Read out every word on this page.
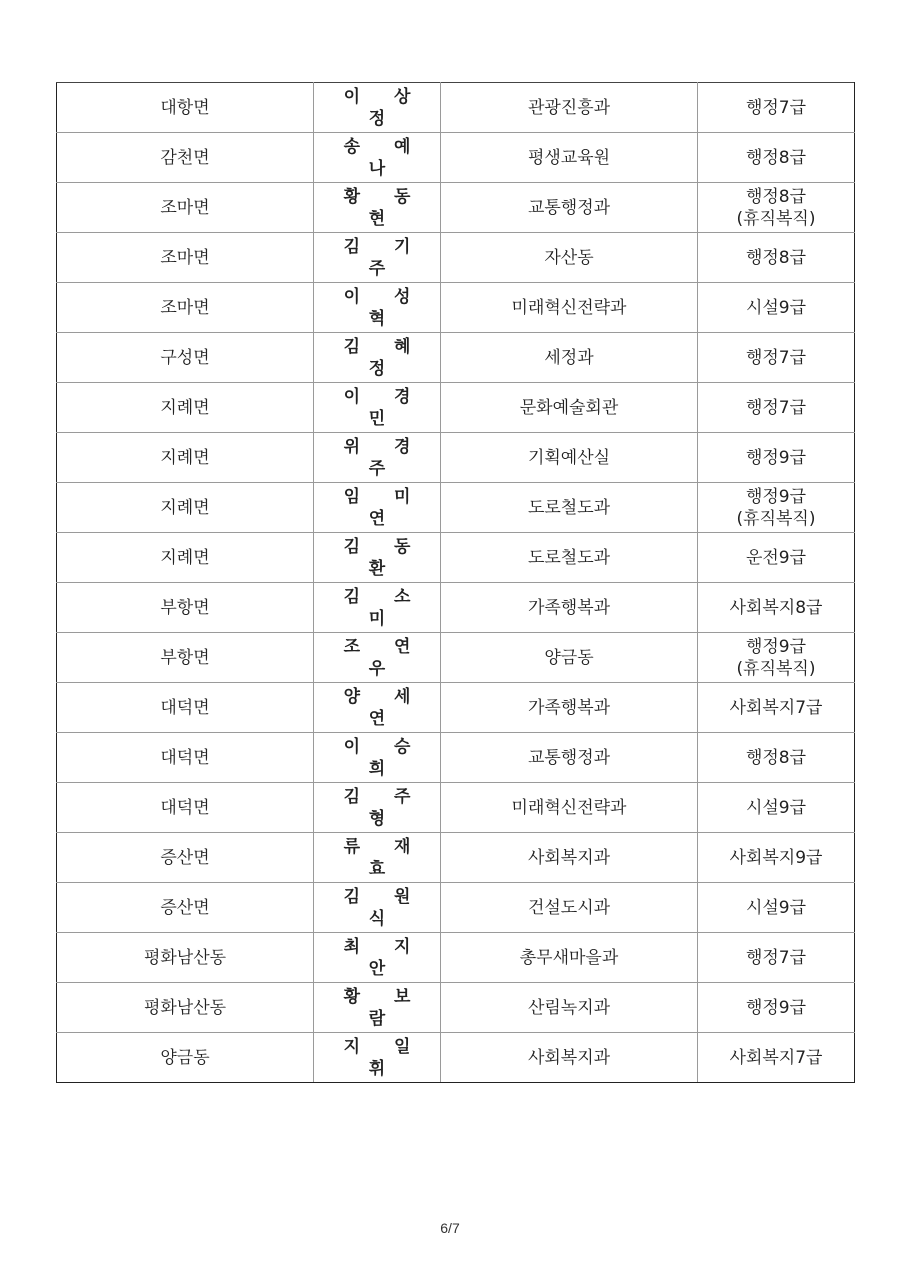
대항면	이 상 정	관광진흥과	행정7급
감천면	송 예 나	평생교육원	행정8급
조마면	황 동 현	교통행정과	행정8급
(휴직복직)

조마면	김 기 주	자산동	행정8급
조마면	이 성 혁	미래혁신전략과	시설9급
구성면	김 혜 정	세정과	행정7급
지례면	이 경 민	문화예술회관	행정7급
지례면	위 경 주	기획예산실	행정9급
지례면	임 미 연	도로철도과	행정9급
(휴직복직)

지례면	김 동 환	도로철도과	운전9급
부항면	김 소 미	가족행복과	사회복지8급
부항면	조 연 우	양금동	행정9급
(휴직복직)

대덕면	양 세 연	가족행복과	사회복지7급
대덕면	이 승 희	교통행정과	행정8급
대덕면	김 주 형	미래혁신전략과	시설9급
증산면	류 재 효	사회복지과	사회복지9급
증산면	김 원 식	건설도시과	시설9급
평화남산동	최 지 안	총무새마을과	행정7급
평화남산동	황 보 람	산림녹지과	행정9급
양금동	지 일 휘	사회복지과	사회복지7급
6/7
